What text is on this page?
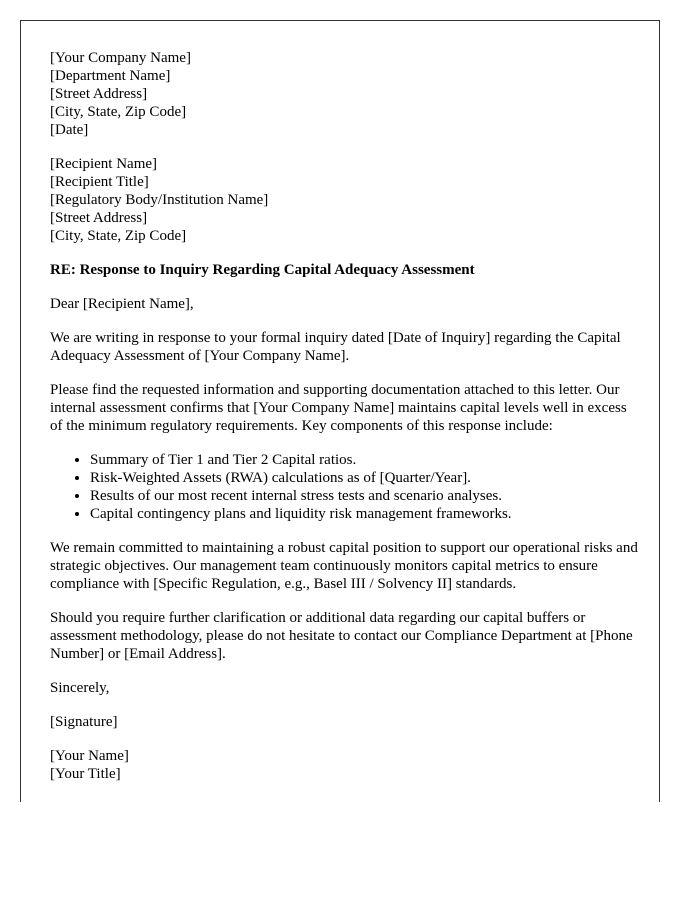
[Your Company Name]
[Department Name]
[Street Address]
[City, State, Zip Code]
[Date]
[Recipient Name]
[Recipient Title]
[Regulatory Body/Institution Name]
[Street Address]
[City, State, Zip Code]
RE: Response to Inquiry Regarding Capital Adequacy Assessment

Dear [Recipient Name],

We are writing in response to your formal inquiry dated [Date of Inquiry] regarding the Capital Adequacy Assessment of [Your Company Name].

Please find the requested information and supporting documentation attached to this letter. Our internal assessment confirms that [Your Company Name] maintains capital levels well in excess of the minimum regulatory requirements. Key components of this response include:

• Summary of Tier 1 and Tier 2 Capital ratios.
• Risk-Weighted Assets (RWA) calculations as of [Quarter/Year].
• Results of our most recent internal stress tests and scenario analyses.
• Capital contingency plans and liquidity risk management frameworks.

We remain committed to maintaining a robust capital position to support our operational risks and strategic objectives. Our management team continuously monitors capital metrics to ensure compliance with [Specific Regulation, e.g., Basel III / Solvency II] standards.

Should you require further clarification or additional data regarding our capital buffers or assessment methodology, please do not hesitate to contact our Compliance Department at [Phone Number] or [Email Address].

Sincerely,

[Signature]

[Your Name]
[Your Title]
